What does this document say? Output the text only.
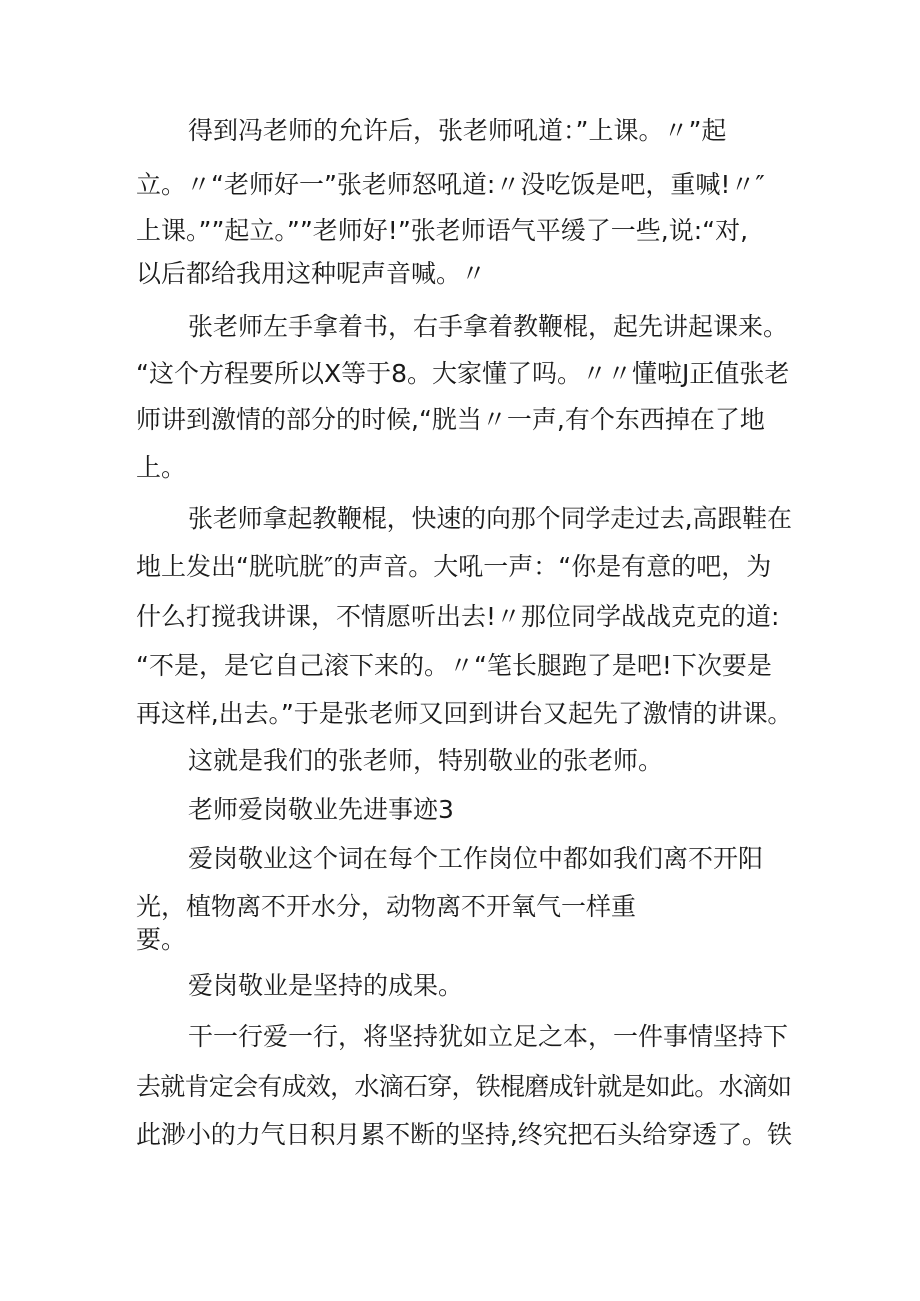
得到冯老师的允许后，张老师吼道：”上课。〃”起

立。〃“老师好一”张老师怒吼道:〃没吃饭是吧，重喊!〃″

上课。””起立。””老师好!”张老师语气平缓了一些,说:“对,

以后都给我用这种呢声音喊。〃

张老师左手拿着书，右手拿着教鞭棍，起先讲起课来。

“这个方程要所以X等于8。大家懂了吗。〃〃懂啦J正值张老

师讲到激情的部分的时候,“胱当〃一声,有个东西掉在了地

上。

张老师拿起教鞭棍，快速的向那个同学走过去,高跟鞋在

地上发出“胱吭胱″的声音。大吼一声：“你是有意的吧，为

什么打搅我讲课，不情愿听出去!〃那位同学战战克克的道:

“不是，是它自己滚下来的。〃“笔长腿跑了是吧!下次要是

再这样,出去。”于是张老师又回到讲台又起先了激情的讲课。

这就是我们的张老师，特别敬业的张老师。

老师爱岗敬业先进事迹3

爱岗敬业这个词在每个工作岗位中都如我们离不开阳

光，植物离不开水分，动物离不开氧气一样重

要。

爱岗敬业是坚持的成果。

干一行爱一行，将坚持犹如立足之本，一件事情坚持下

去就肯定会有成效，水滴石穿，铁棍磨成针就是如此。水滴如

此渺小的力气日积月累不断的坚持,终究把石头给穿透了。铁
